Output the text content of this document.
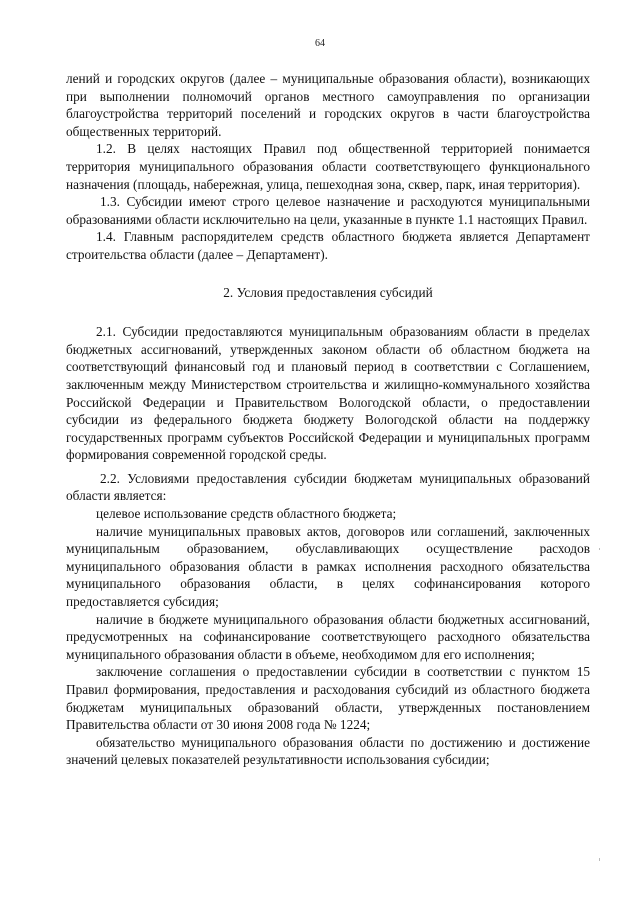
64

лений и городских округов (далее – муниципальные образования области), возникающих при выполнении полномочий органов местного самоуправления по организации благоустройства территорий поселений и городских округов в части благоустройства общественных территорий.

1.2. В целях настоящих Правил под общественной территорией понимается территория муниципального образования области соответствующего функционального назначения (площадь, набережная, улица, пешеходная зона, сквер, парк, иная территория).

1.3. Субсидии имеют строго целевое назначение и расходуются муниципальными образованиями области исключительно на цели, указанные в пункте 1.1 настоящих Правил.

1.4. Главным распорядителем средств областного бюджета является Департамент строительства области (далее – Департамент).

2. Условия предоставления субсидий

2.1. Субсидии предоставляются муниципальным образованиям области в пределах бюджетных ассигнований, утвержденных законом области об областном бюджета на соответствующий финансовый год и плановый период в соответствии с Соглашением, заключенным между Министерством строительства и жилищно-коммунального хозяйства Российской Федерации и Правительством Вологодской области, о предоставлении субсидии из федерального бюджета бюджету Вологодской области на поддержку государственных программ субъектов Российской Федерации и муниципальных программ формирования современной городской среды.

2.2. Условиями предоставления субсидии бюджетам муниципальных образований области является:

целевое использование средств областного бюджета;

наличие муниципальных правовых актов, договоров или соглашений, заключенных муниципальным образованием, обуславливающих осуществление расходов муниципального образования области в рамках исполнения расходного обязательства муниципального образования области, в целях софинансирования которого предоставляется субсидия;

наличие в бюджете муниципального образования области бюджетных ассигнований, предусмотренных на софинансирование соответствующего расходного обязательства муниципального образования области в объеме, необходимом для его исполнения;

заключение соглашения о предоставлении субсидии в соответствии с пунктом 15 Правил формирования, предоставления и расходования субсидий из областного бюджета бюджетам муниципальных образований области, утвержденных постановлением Правительства области от 30 июня 2008 года № 1224;

обязательство муниципального образования области по достижению и достижение значений целевых показателей результативности использования субсидии;
